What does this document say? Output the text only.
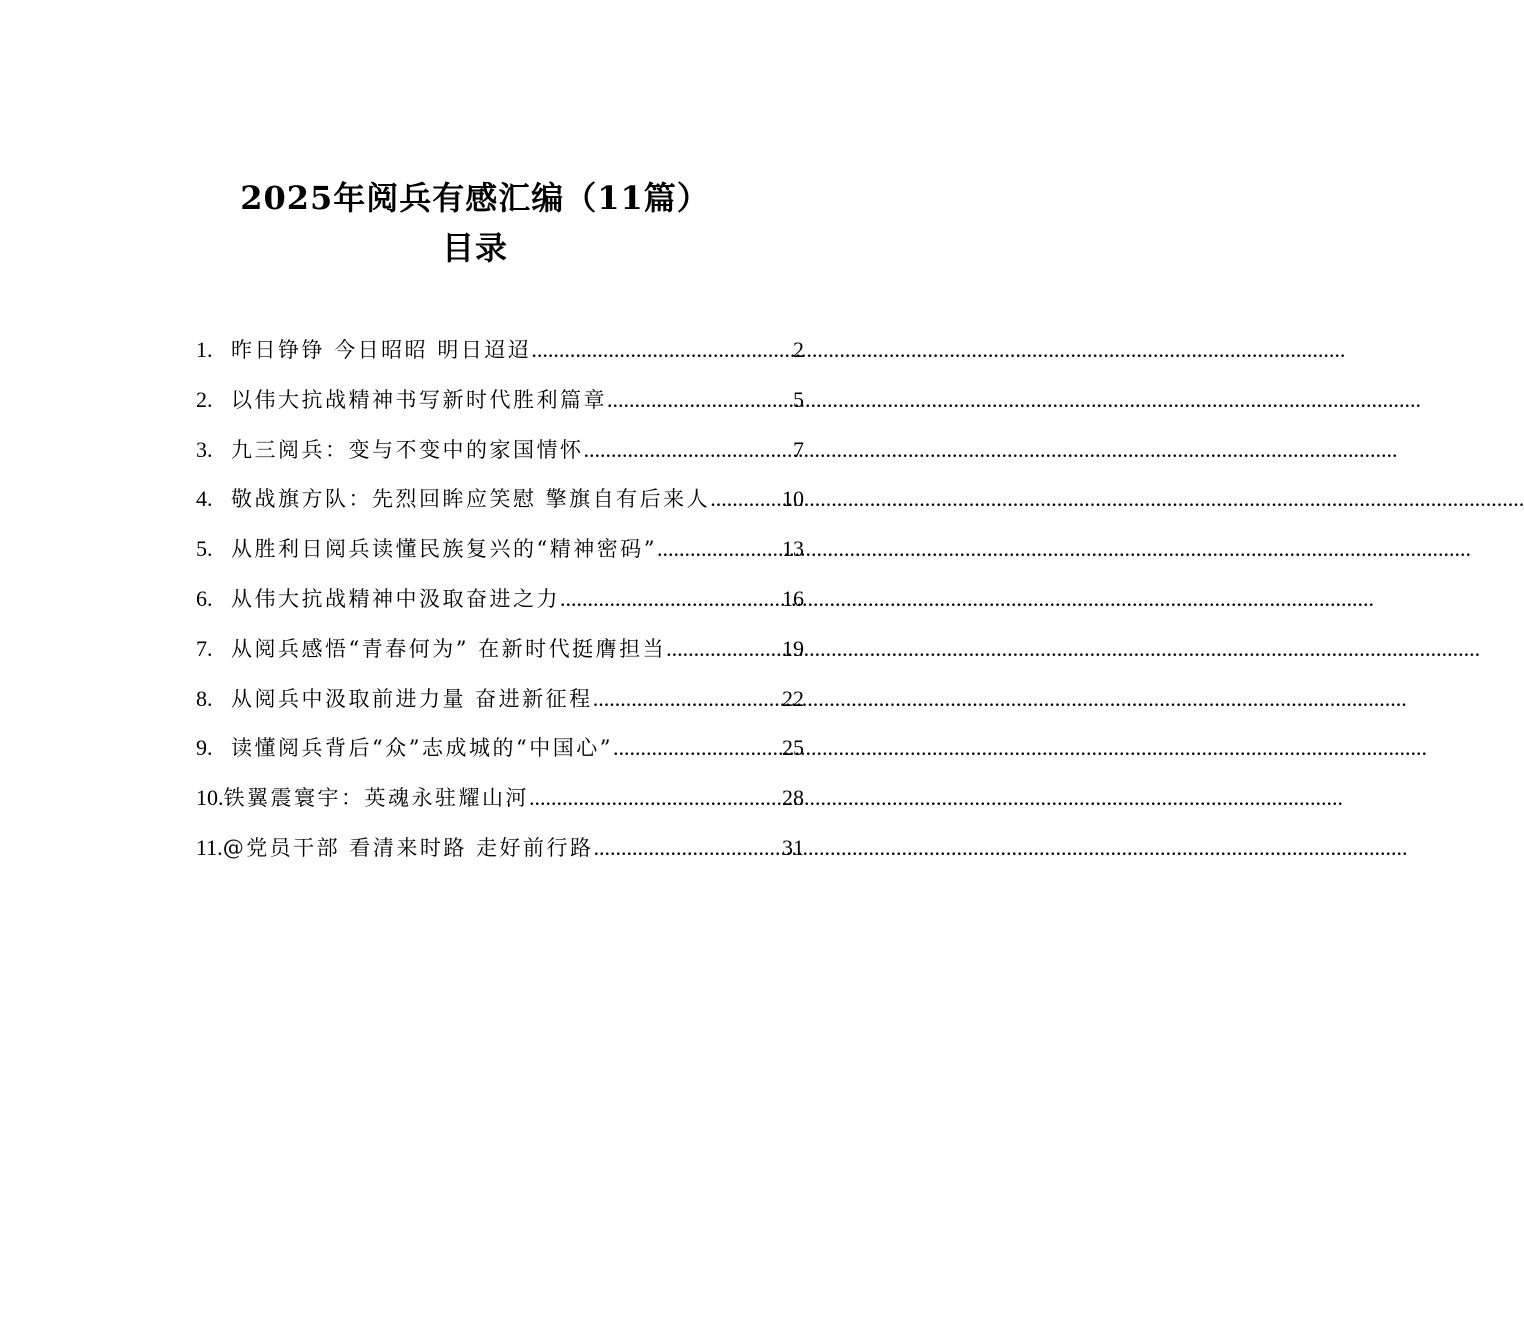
2025年阅兵有感汇编（11篇）
目录
1. 昨日铮铮 今日昭昭 明日迢迢 .....	2
2. 以伟大抗战精神书写新时代胜利篇章 .....	5
3. 九三阅兵：变与不变中的家国情怀 .....	7
4. 敬战旗方队：先烈回眸应笑慰 擎旗自有后来人 .....	10
5. 从胜利日阅兵读懂民族复兴的“精神密码” .....	13
6. 从伟大抗战精神中汲取奋进之力 .....	16
7. 从阅兵感悟“青春何为” 在新时代挺膺担当 .....	19
8. 从阅兵中汲取前进力量 奋进新征程 .....	22
9. 读懂阅兵背后“众”志成城的“中国心” .....	25
10. 铁翼震寰宇：英魂永驻耀山河 .....	28
11. @党员干部 看清来时路 走好前行路 .....	31
